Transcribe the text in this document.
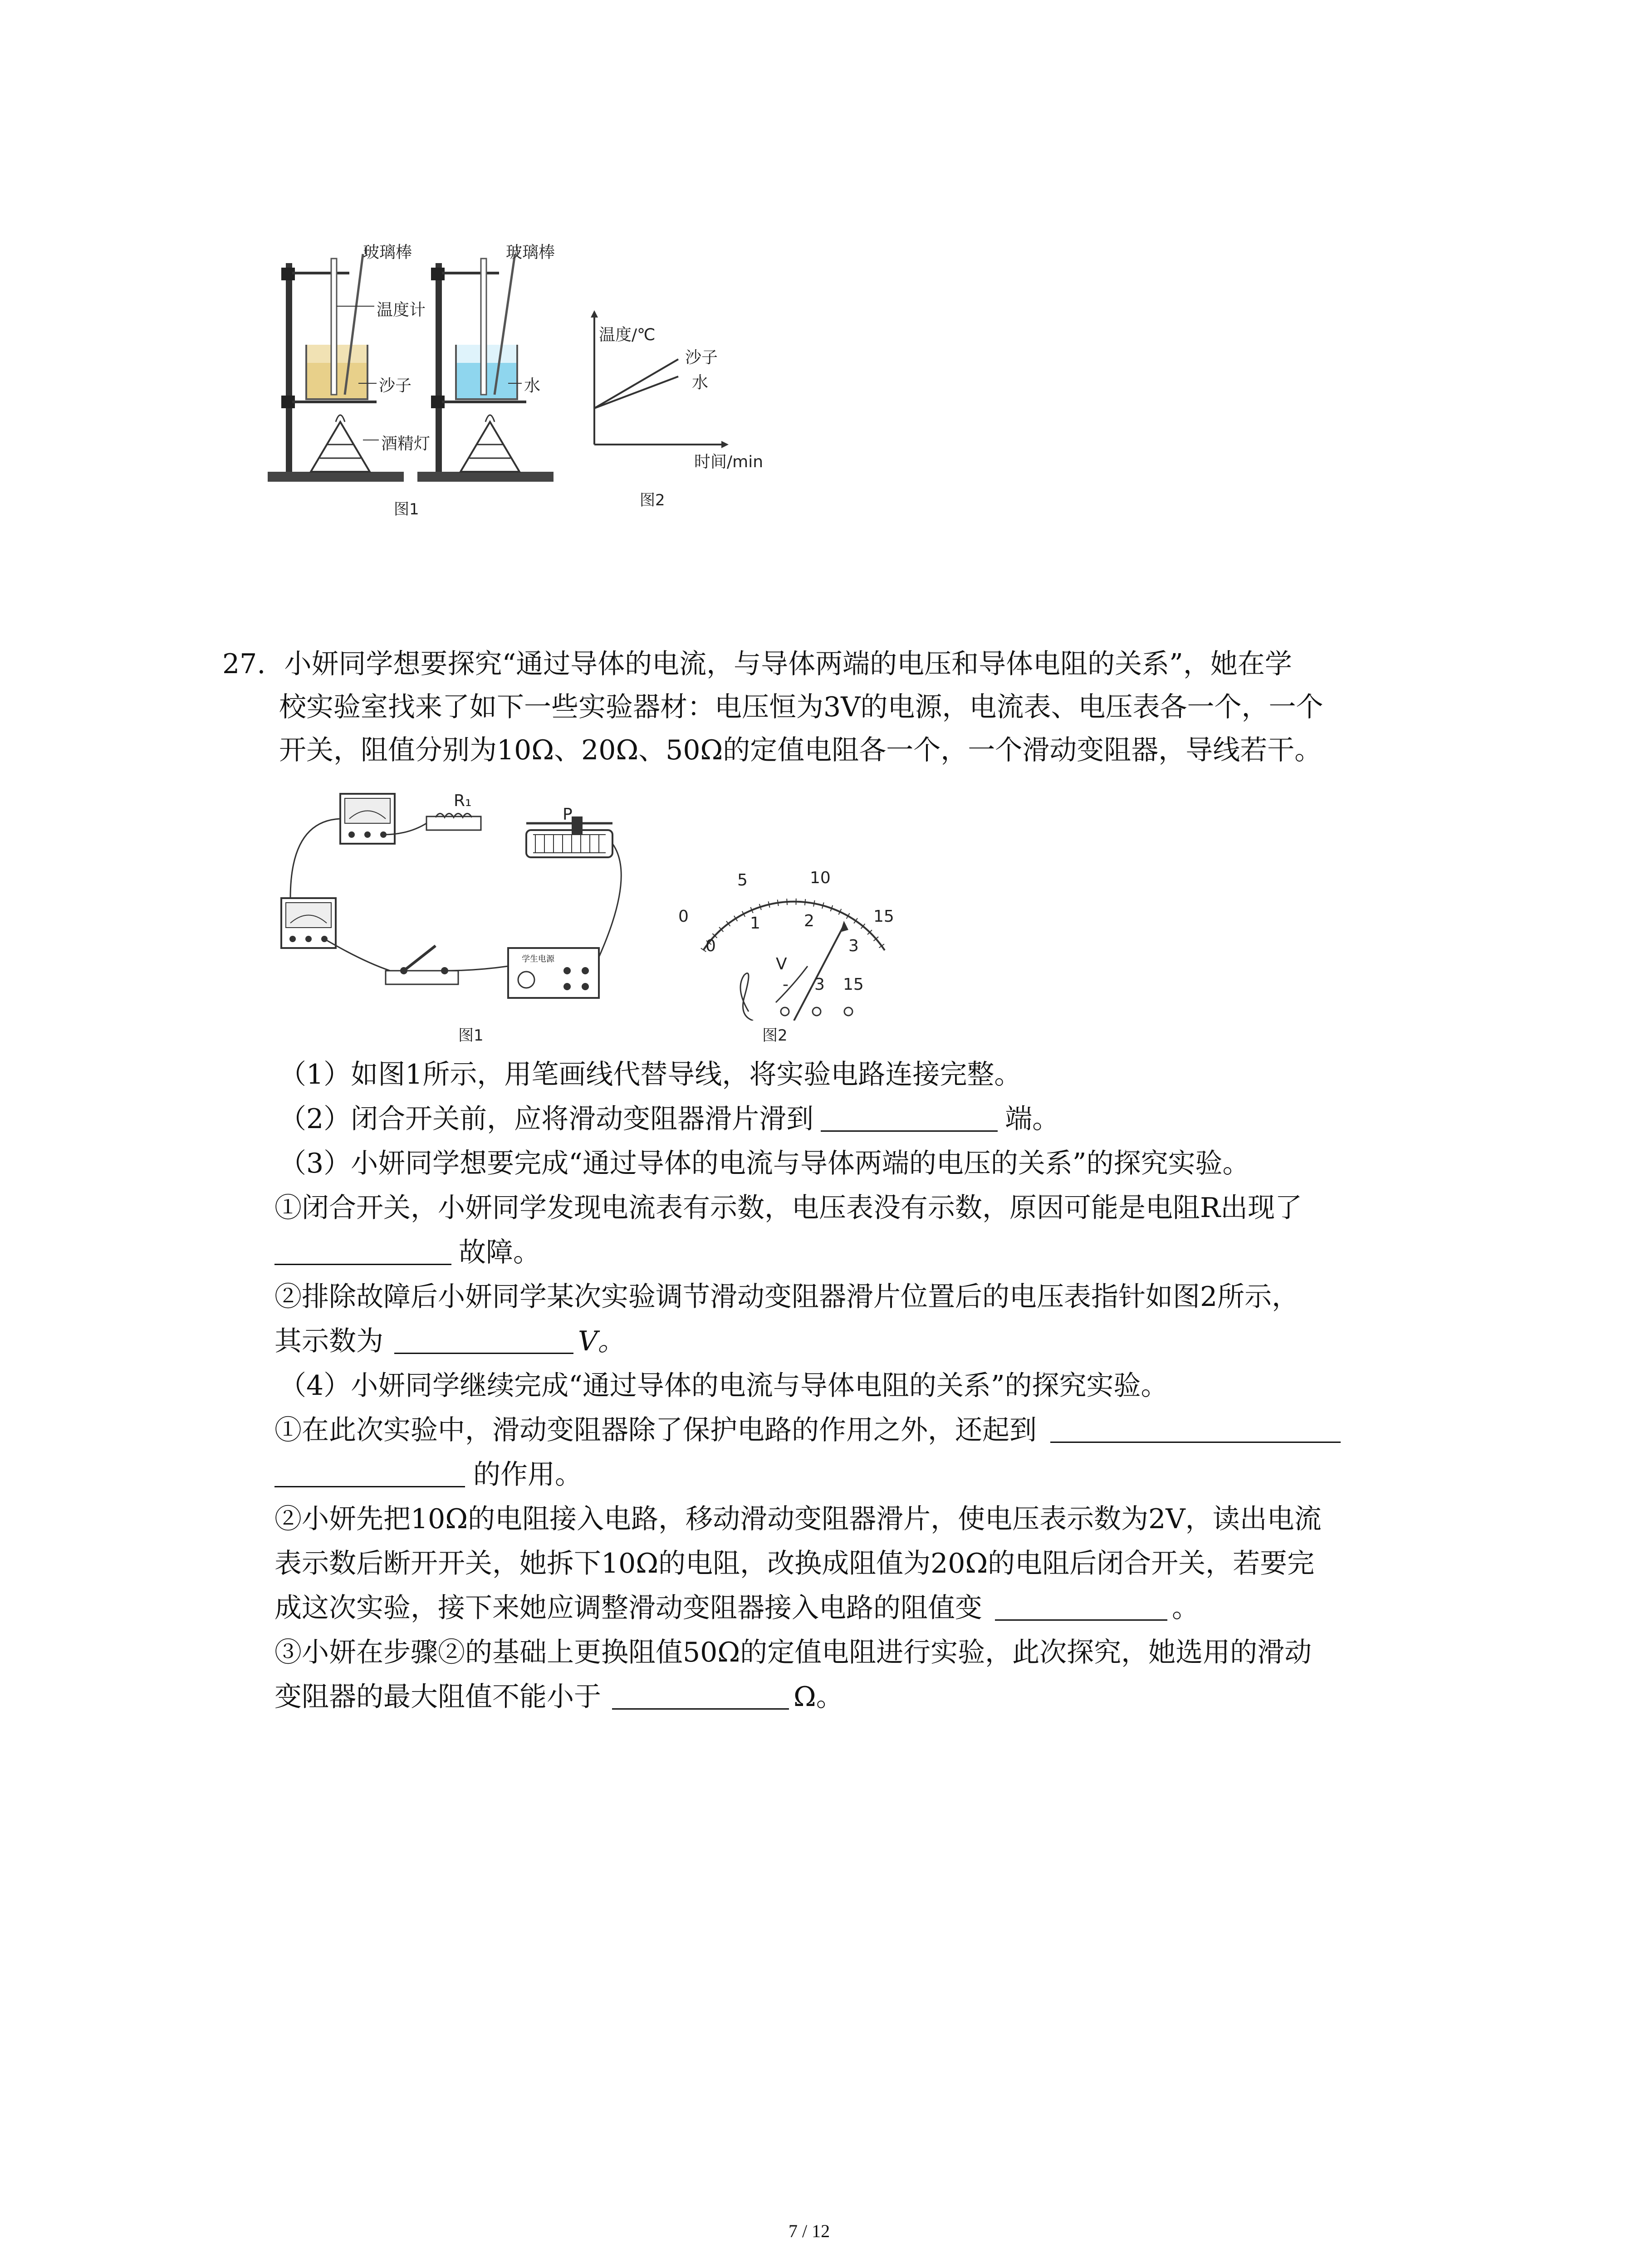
玻璃棒	玻璃棒
温度计
沙子	水
酒精灯
图1
温度/℃
沙子
水
时间/min
图2
27. 小妍同学想要探究“通过导体的电流，与导体两端的电压和导体电阻的关系”，她在学
校实验室找来了如下一些实验器材：电压恒为3V的电源，电流表、电压表各一个，一个
开关，阻值分别为10Ω、20Ω、50Ω的定值电阻各一个，一个滑动变阻器，导线若干。
R₁
P
学生电源
图1
0
5	10
15
0
1	2
3
V
- 3 15
图2
（1）如图1所示，用笔画线代替导线，将实验电路连接完整。
（2）闭合开关前，应将滑动变阻器滑片滑到	端。
（3）小妍同学想要完成“通过导体的电流与导体两端的电压的关系”的探究实验。
①闭合开关，小妍同学发现电流表有示数，电压表没有示数，原因可能是电阻R出现了
故障。
②排除故障后小妍同学某次实验调节滑动变阻器滑片位置后的电压表指针如图2所示，
其示数为	V。
（4）小妍同学继续完成“通过导体的电流与导体电阻的关系”的探究实验。
①在此次实验中，滑动变阻器除了保护电路的作用之外，还起到
的作用。
②小妍先把10Ω的电阻接入电路，移动滑动变阻器滑片，使电压表示数为2V，读出电流
表示数后断开开关，她拆下10Ω的电阻，改换成阻值为20Ω的电阻后闭合开关，若要完
成这次实验，接下来她应调整滑动变阻器接入电路的阻值变	。
③小妍在步骤②的基础上更换阻值50Ω的定值电阻进行实验，此次探究，她选用的滑动
变阻器的最大阻值不能小于	Ω。
7 / 12
